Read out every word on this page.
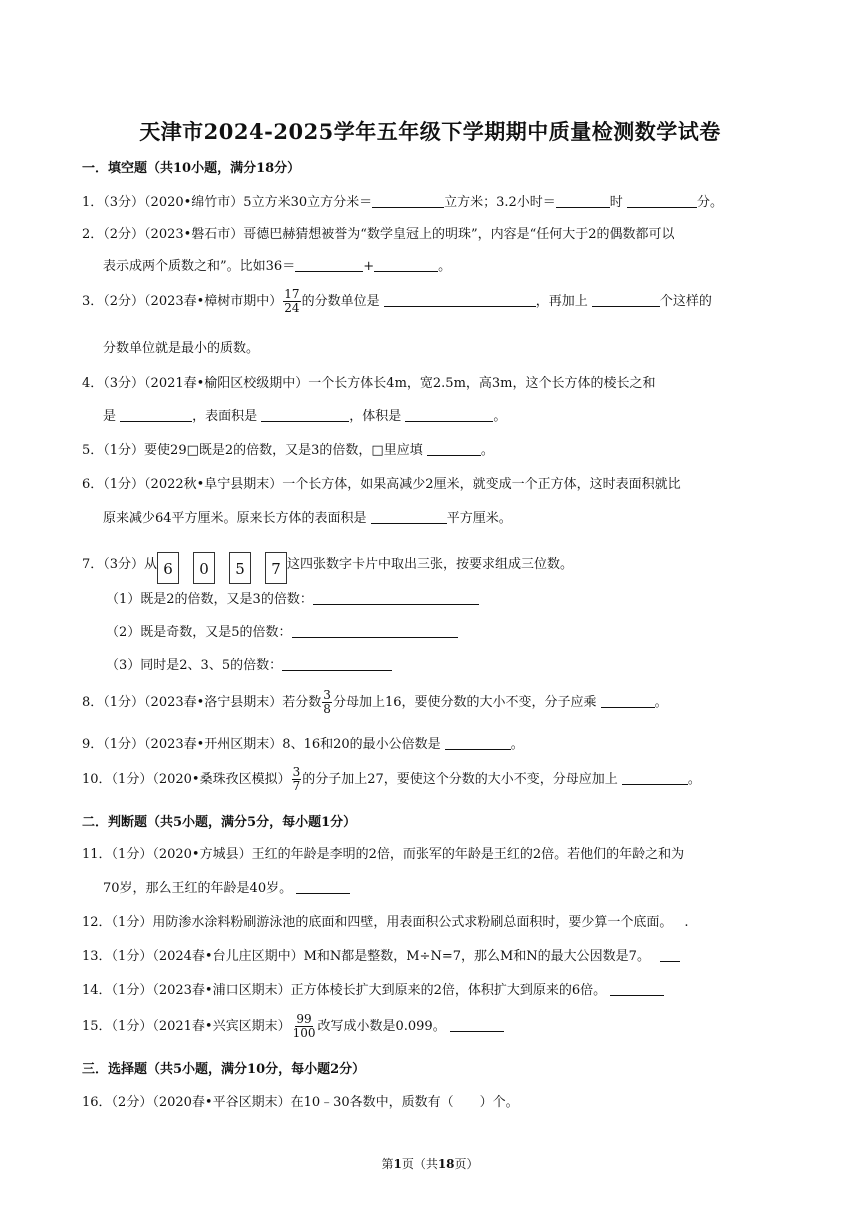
天津市2024-2025学年五年级下学期期中质量检测数学试卷
一．填空题（共10小题，满分18分）
1．（3分）（2020•绵竹市）5立方米30立方分米＝	立方米；3.2小时＝	时	分。
2．（2分）（2023•磐石市）哥德巴赫猜想被誉为“数学皇冠上的明珠”，内容是“任何大于2的偶数都可以
表示成两个质数之和”。比如36＝	+	。
3．（2分）（2023春•樟树市期中） $\frac{17}{24}$ 的分数单位是	，再加上	个这样的
分数单位就是最小的质数。
4．（3分）（2021春•榆阳区校级期中）一个长方体长4m，宽2.5m，高3m，这个长方体的棱长之和
是	，表面积是	，体积是	。
5．（1分）要使29□既是2的倍数，又是3的倍数，□里应填	。
6．（1分）（2022秋•阜宁县期末）一个长方体，如果高减少2厘米，就变成一个正方体，这时表面积就比
原来减少64平方厘米。原来长方体的表面积是	平方厘米。
7．（3分）从 6 0 5 7 这四张数字卡片中取出三张，按要求组成三位数。
（1）既是2的倍数，又是3的倍数：
（2）既是奇数，又是5的倍数：
（3）同时是2、3、5的倍数：
8．（1分）（2023春•洛宁县期末）若分数 $\frac{3}{8}$ 分母加上16，要使分数的大小不变，分子应乘	。
9．（1分）（2023春•开州区期末）8、16和20的最小公倍数是	。
10．（1分）（2020•桑珠孜区模拟） $\frac{3}{7}$ 的分子加上27，要使这个分数的大小不变，分母应加上	。
二．判断题（共5小题，满分5分，每小题1分）
11．（1分）（2020•方城县）王红的年龄是李明的2倍，而张军的年龄是王红的2倍。若他们的年龄之和为
70岁，那么王红的年龄是40岁。
12．（1分）用防渗水涂料粉刷游泳池的底面和四壁，用表面积公式求粉刷总面积时，要少算一个底面。 .
13．（1分）（2024春•台儿庄区期中）M和N都是整数，M÷N=7，那么M和N的最大公因数是7。
14．（1分）（2023春•浦口区期末）正方体棱长扩大到原来的2倍，体积扩大到原来的6倍。
15．（1分）（2021春•兴宾区期末） $\frac{99}{100}$ 改写成小数是0.099。
三．选择题（共5小题，满分10分，每小题2分）
16．（2分）（2020春•平谷区期末）在10﹣30各数中，质数有（　　）个。
第1页（共18页）
